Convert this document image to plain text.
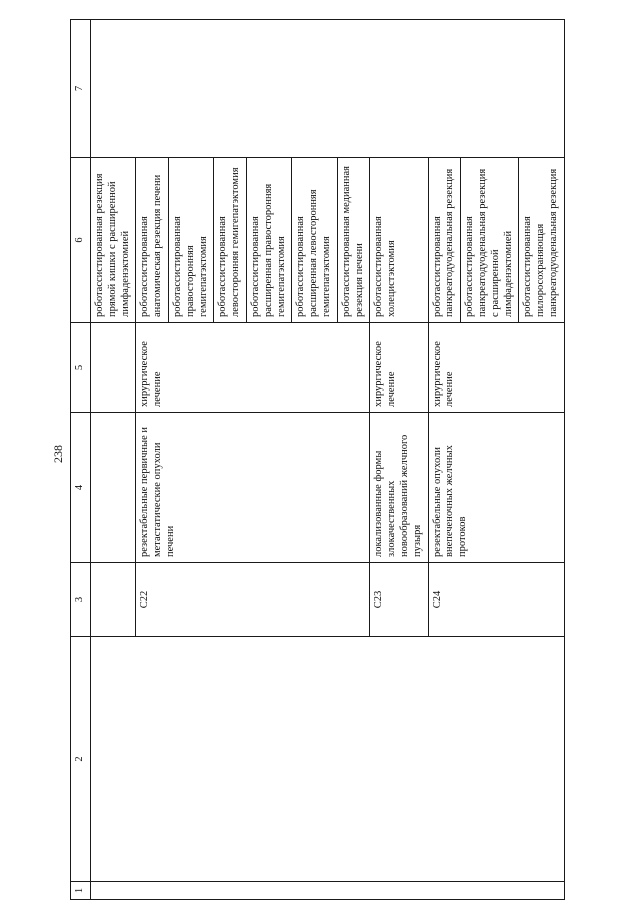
238
1	2	3	4	5	6	7
					роботассистированная резекция прямой кишки с расширенной лимфаденэктомией	
		C22	резектабельные первичные и метастатические опухоли печени	хирургическое лечение	роботассистированная анатомическая резекция печени	
					роботассистированная правосторонняя гемигепатэктомия	
					роботассистированная левосторонняя гемигепатэктомия	
					роботассистированная расширенная правосторонняя гемигепатэктомия	
					роботассистированная расширенная левосторонняя гемигепатэктомия	
					роботассистированная медианная резекция печени	
		C23	локализованные формы злокачественных новообразований желчного пузыря	хирургическое лечение	роботассистированная холецистэктомия	
		C24	резектабельные опухоли внепеченочных желчных протоков	хирургическое лечение	роботассистированная панкреатодуоденальная резекция	
					роботассистированная панкреатодуоденальная резекция с расширенной лимфаденэктомией	
					роботассистированная пилоросохраняющая панкреатодуоденальная резекция	
